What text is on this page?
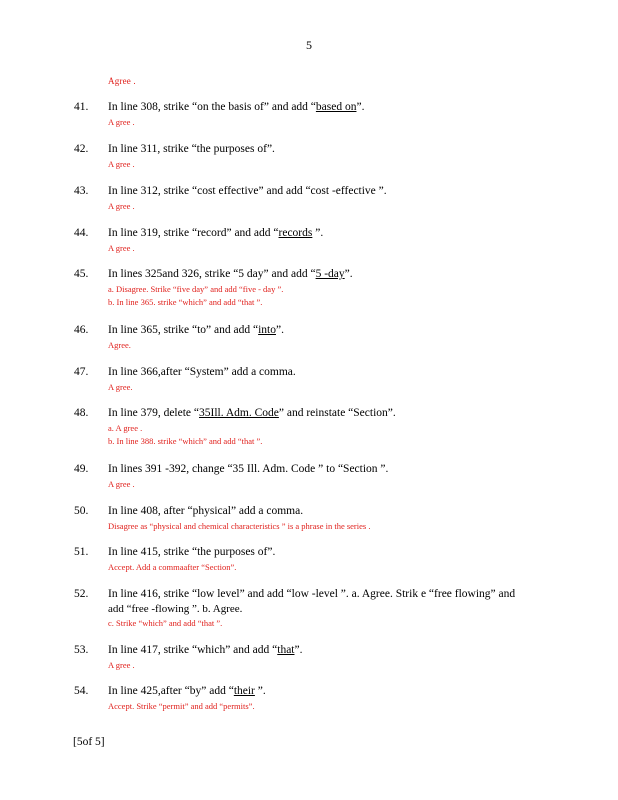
5
Agree .
41. In line 308, strike “on the basis of” and add “based on”.
A gree .
42. In line 311, strike “the purposes of”.
A gree .
43. In line 312, strike “cost effective” and add “cost -effective ”.
A gree .
44. In line 319, strike “record” and add “records ”.
A gree .
45. In lines 325and 326, strike “5 day” and add “5 -day”.
a. Disagree. Strike “five day” and add “five - day ”.
b. In line 365. strike “which” and add “that ”.
46. In line 365, strike “to” and add “into”.
Agree.
47. In line 366,after “System” add a comma.
A gree.
48. In line 379, delete “35Ill. Adm. Code” and reinstate “Section”.
a. A gree .
b. In line 388. strike “which” and add “that ”.
49. In lines 391 -392, change “35 Ill. Adm. Code ” to “Section ”.
A gree .
50. In line 408, after “physical” add a comma.
Disagree as “physical and chemical characteristics ” is a phrase in the series .
51. In line 415, strike “the purposes of”.
Accept. Add a commaafter “Section”.
52. In line 416, strike “low level” and add “low -level ”. a. Agree. Strik e “free flowing” and
add “free -flowing ”. b. Agree.
c. Strike “which” and add “that ”.
53. In line 417, strike “which” and add “that”.
A gree .
54. In line 425,after “by” add “their ”.
Accept. Strike “permit” and add “permits”.
[5of 5]
